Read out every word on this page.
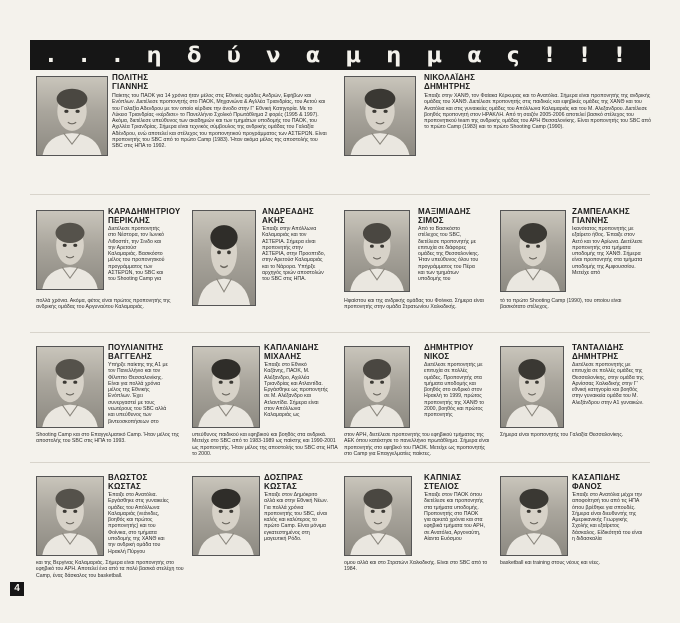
. . . η δ ύ ν α μ η μ α ς ! ! !
ΠΟΛΙΤΗΣ
ΓΙΑΝΝΗΣ
Παίκτης του ΠΑΟΚ για 14 χρόνια ήταν μέλος στις Εθνικές ομάδες Ανδρών, Εφήβων και Ενόπλων. Διετέλεσε προπονητής στο ΠΑΟΚ, Μηχανιώνα & Αγλλέα Τριανδρίας, του Αετού και του Γαλαξία Αδενδρου με τον οποίο κέρδισε την άνοδο στην Γ' Εθνική Κατηγορία. Με το Λύκειο Τριανδρίας «κέρδισε» το Πανελλήνιο Σχολικό Πρωτάθλημα 2 φορές (1995 & 1997). Ακόμα, διετέλεσε υπεύθυνος των ακαδημιών και των τμημάτων υποδομής του ΠΑΟΚ, του Αχιλλέα Τριανδρίας. Σήμερα είναι τεχνικός σύμβουλος της ανδρικής ομάδας του Γαλαξία Αδένδρου, ενώ αποτελεί και στέλεχος του προπονητικού προγράμματος των ΑΣΤΕΡΩΝ. Είναι προπονητής του SBC από το πρώτο Camp (1983). Ήταν ακόμα μέλος της αποστολής του SBC στις ΗΠΑ το 1992.
ΝΙΚΟΛΑΪΔΗΣ
ΔΗΜΗΤΡΗΣ
Έπαιξε στην ΧΑΝΘ, τον Φαίακα Κέρκυρας και το Ανατόλια. Σήμερα είναι προπονητής της ανδρικής ομάδας του ΧΑΝΘ. Διετέλεσε προπονητής στις παιδικές και εφηβικές ομάδες της ΧΑΝΘ και του Ανατόλια και στις γυναικείες ομάδες του Απόλλωνα Καλαμαριάς και του Μ. Αλεξανδρου. Διετέλεσε βοηθός προπονητή στον ΗΡΑΚΛΗ. Από τη σαιζόν 2005-2006 αποτελεί βασικό στέλεχος του προπονητικού team της ανδρικής ομάδας του ΑΡΗ Θεσσαλονίκης. Είναι προπονητής του SBC από το πρώτο Camp (1983) και το πρώτο Shooting Camp (1990).
ΚΑΡΑΔΗΜΗΤΡΙΟΥ
ΠΕΡΙΚΛΗΣ
Διετέλεσε προπονητής στο Νέστορα, τον Ιωνικό Λιθοσπίτ, την Σινδο και την Αρετούσ Καλαμαριάς. Βασικόστο μέλος του προπονητικού προγράμματος των ΑΣΤΕΡΩΝ, του SBC και του Shooting Camp για
πολλά χρόνια. Ακόμα, φέτος είναι πρώτος προπονητής της ανδρικής ομάδας του Αργυναύτου Καλαμαριάς.
ΑΝΔΡΕΑΔΗΣ
ΑΚΗΣ
Έπαιξε στην Απόλλωνα Καλαμαριάς και τον ΑΣΤΕΡΙΑ. Σήμερα είναι προπονητής στην ΑΣΤΕΡΙΑ, στην Προοπτιδο, στην Αρετούσ Καλαμαριάς και το Νάρορα. Υπήρξε αρχηγός τριών αποστολών του SBC στις ΗΠΑ.
ΜΑΞΙΜΙΑΔΗΣ
ΣΙΜΟΣ
Από το Βασικόστο στέλεχος του SBC, διετέλεσε προπονητής με επιτυχία σε διάφορες ομάδες της Θεσσαλονίκης. Ήταν υπεύθυνος όλου του προγράμματος του Πέρα και των τμημάτων υποδομής του
Ηφαίστου και της ανδρικής ομάδας του Φοίνικα. Σήμερα είναι προπονητής στην ομάδα Στρατωνίου Χαλκιδικής.
ΖΑΜΠΕΛΑΚΗΣ
ΓΙΑΝΝΗΣ
Ικανότατος προπονητής με εξαίρετο ήθος. Έπαιξε στον Αετό και τον Αρίωνα. Διετέλεσε προπονητής στα τμήματα υποδομής της ΧΑΝΘ. Σήμερα είναι προπονητής στα τμήματα υποδομής της Αμφουσσίου. Μετείχε από
τό το πρώτο Shooting Camp (1990), του οποίου είναι βασικότατο στέλεχος.
ΠΟΥΛΙΑΝΙΤΗΣ
ΒΑΓΓΕΛΗΣ
Υπήρξε παίκτης της Α1 με τον Πανελλήνιο και τον Φίλιππο Θεσσαλονίκης. Είναι για πολλά χρόνια μέλος της Εθνικής Ενόπλων. Έχει συνεργαστεί με τους νεωτέρους του SBC αλλά και υπεύθυνος των βιντεοσκοπήσεων στο
Shooting Camp και στο Επαγγελματικό Camp. Ήταν μέλος της αποστολής του SBC στις ΗΠΑ το 1993.
ΚΑΠΛΑΝΙΔΗΣ
ΜΙΧΑΛΗΣ
Έπαιξε στο Εθνικό Καζάνης, ΠΑΟΚ, Μ. Αλέξανδρο, Αχιλλέα Τριανδρίας και Ατλαντίδα. Εργάσθηκε ως προπονητής σε Μ. Αλέξανδρο και Ατλαντίδα. Σήμερα είναι στον Απόλλωνα Καλαμαριάς ως
υπεύθυνος παιδικού και εφηβικού και βοηθός στα ανδρικά. Μετείχε στο SBC από το 1983-1989 ως παίκτης και 1990-2001 ως προπονητής. Ήταν μέλος της αποστολής του SBC στις ΗΠΑ το 2000.
ΔΗΜΗΤΡΙΟΥ
ΝΙΚΟΣ
Διετέλεσε προπονητής με επιτυχία σε πολλές ομάδες. Προπονητής στα τμήματα υποδομής και βοηθός στο ανδρικό στον Ηρακλή το 1999, πρώτος προπονητής της ΧΑΝΘ το 2000, βοηθός και πρώτος προπονητής
στον ΑΡΗ, διετέλεσε προπονητής του εφηβικού τμήματος της ΑΕΚ όπου κατέκτησε το πανελλήνιο πρωτάθλημα. Σήμερα είναι προπονητής στο εφηβικό του ΠΑΟΚ. Μετείχε ως προπονητής στο Camp για Επαγγελματίες παίκτες.
ΤΑΝΤΑΛΙΔΗΣ
ΔΗΜΗΤΡΗΣ
Διετέλεσε προπονητής με επιτυχία σε πολλές ομάδες της Θεσσαλονίκης, στην ομάδα της Αρνίσσας Χαλκιδικής στην Γ' εθνική κατηγορία και βοηθός στην γυναικεία ομάδα του Μ. Αλεξάνδρου στην Α1 γυναικών.
Σήμερα είναι προπονητής του Γαλαξία Θεσσαλονίκης.
ΒΛΩΣΤΟΣ
ΚΩΣΤΑΣ
Έπαιξε στο Ανατόλια. Εργάσθηκε στις γυναικείες ομάδες του Απόλλωνα Καλαμαριάς (νεάνιδες, βοηθός και πρώτος προπονητής) και του Φοίνικα, στο τμήματα υποδομής της ΧΑΝΘ και την ανδρική ομάδα του Ηρακλή Πύργου
και της Βεργίνας Καλαμαριάς. Σήμερα είναι προπονητής στο εφηβικό του ΑΡΗ. Αποτελεί ένα από τα πολύ βασικά στελέχη του Camp, ένας δάσκαλος του basketball.
ΔΟΣΠΡΑΣ
ΚΩΣΤΑΣ
Έπαιξε στον Δημόκριτο αλλά και στην Εθνική Νέων. Για πολλά χρόνια προπονητής του SBC, είναι καλός και καλύτερος το πρώτο Camp. Είναι μόνιμα εγκατεστημένος στη μαγευτική Ρόδο.
ΚΑΠΝΙΑΣ
ΣΤΕΛΙΟΣ
Έπαιξε στον ΠΑΟΚ όπου διετέλεσε και προπονητής στα τμήματα υποδομής. Προπονητής στο ΠΑΟΚ για αρκετά χρόνια και στα εφηβικά τμήματα του ΑΡΗ, σε Ανατόλια, Αργοναύτη, Αίαντα Ευόσμου
ομου αλλά και στο Στρατώνι Χαλκιδικής. Είναι στο SBC από το 1984.
ΚΑΣΑΠΙΔΗΣ
ΦΑΝΟΣ
Έπαιξε στο Ανατόλια μέχρι την αποφοίτησή του από τις ΗΠΑ όπου βρέθηκε για σπουδές. Σήμερα είναι διευθυντής της Αμερικανικής Γεωργικής Σχολής και εξαίρετος δάσκαλος. Είδικότητά του είναι η διδασκαλία
basketball και training στους νέους και νέες.
4
